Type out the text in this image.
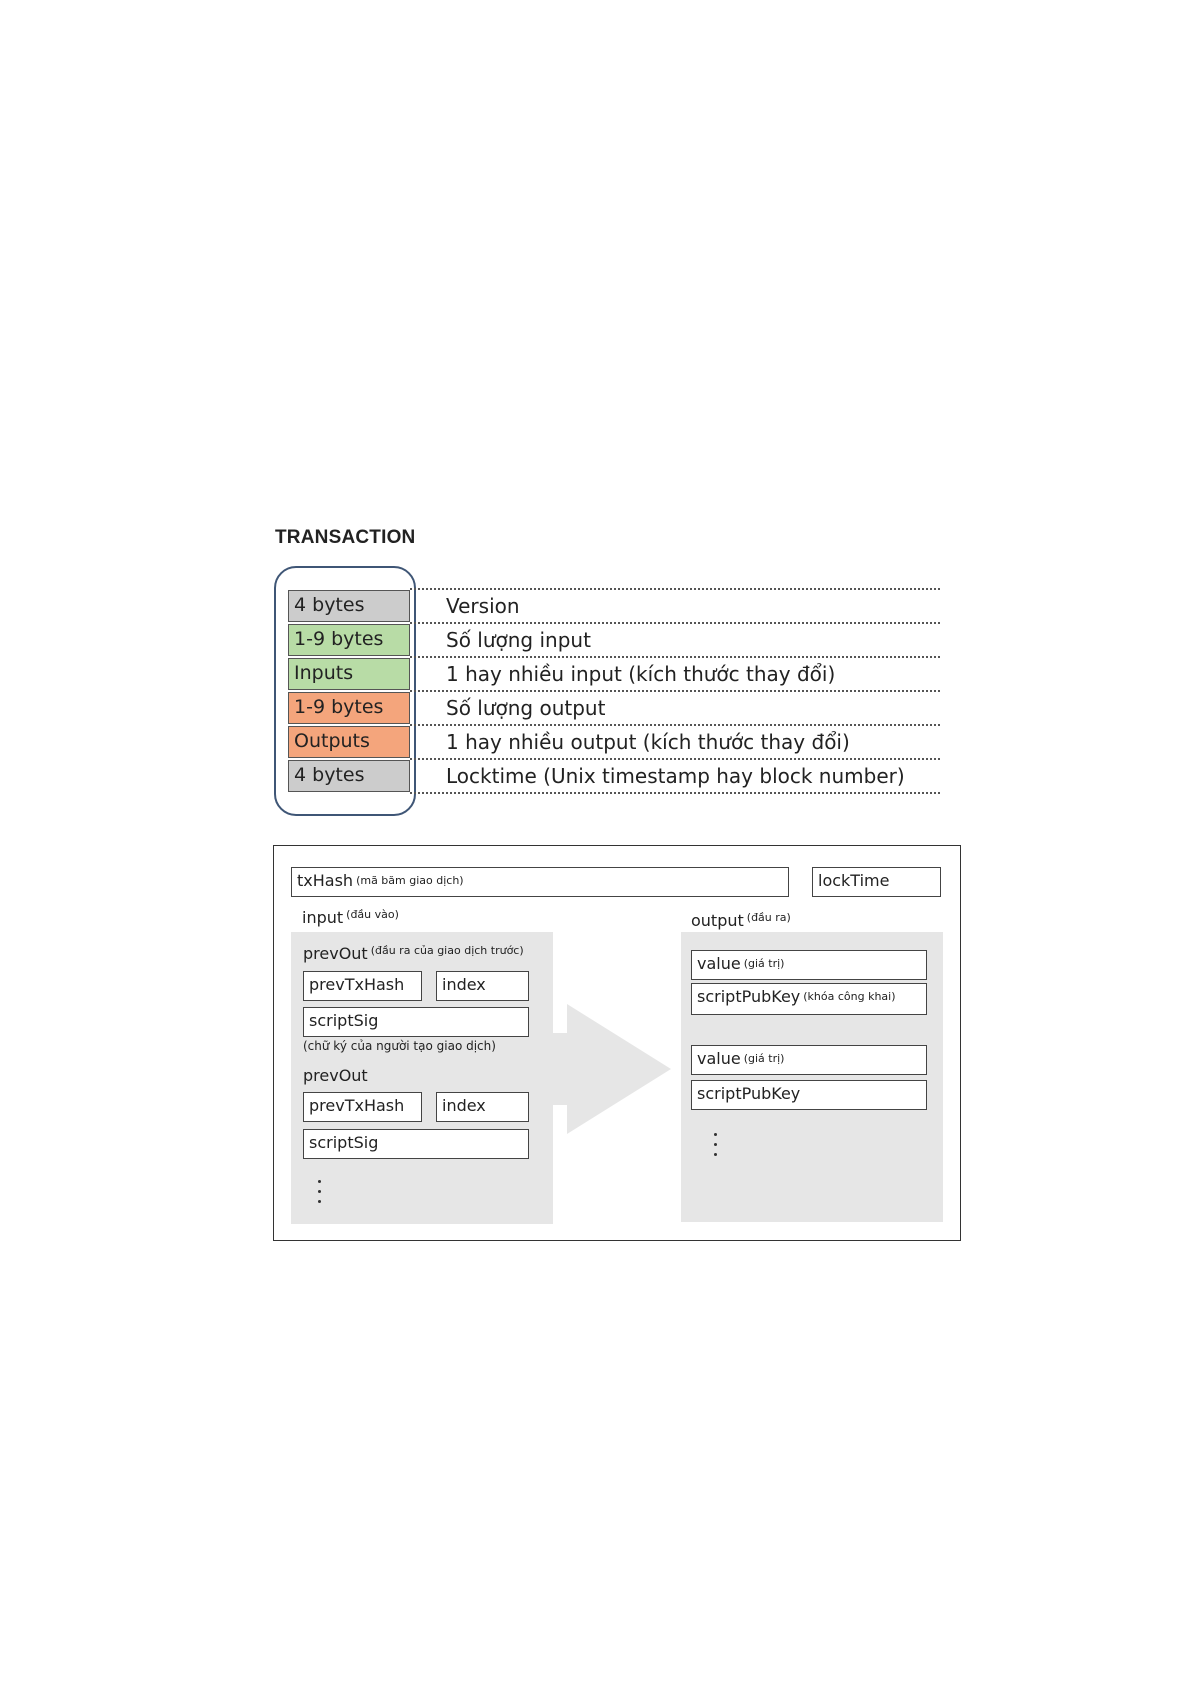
TRANSACTION
4 bytes	Version
1-9 bytes	Số lượng input
Inputs	1 hay nhiều input (kích thước thay đổi)
1-9 bytes	Số lượng output
Outputs	1 hay nhiều output (kích thước thay đổi)
4 bytes	Locktime (Unix timestamp hay block number)
txHash $^{(mã băm giao dịch)}$	lockTime
input $^{(đầu vào)}$
prevOut $^{(đầu ra của giao dịch trước)}$
prevTxHash	index
scriptSig
(chữ ký của người tạo giao dịch)
prevOut
prevTxHash	index
scriptSig
output $^{(đầu ra)}$
value $^{(giá trị)}$
scriptPubKey $^{(khóa công khai)}$
value $^{(giá trị)}$
scriptPubKey
